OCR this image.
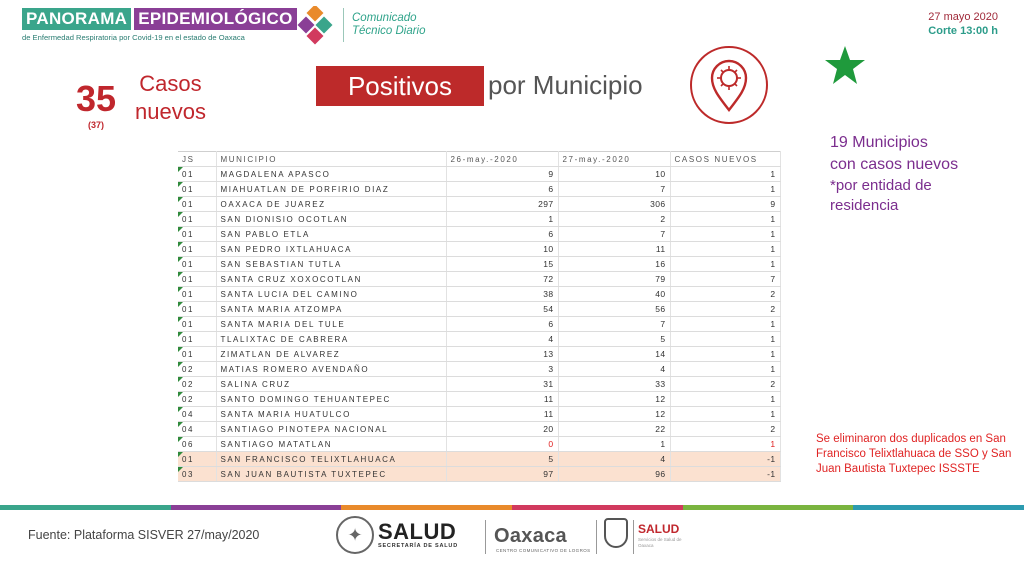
PANORAMA EPIDEMIOLÓGICO
de Enfermedad Respiratoria por Covid-19 en el estado de Oaxaca
Comunicado
Técnico Diario
27 mayo 2020
Corte 13:00 h
35
(37)
Casos
nuevos
Positivos	por Municipio
19 Municipios
con casos nuevos
*por entidad de
residencia
JS	MUNICIPIO	26-may.-2020	27-may.-2020	CASOS NUEVOS
01	MAGDALENA APASCO	9	10	1
01	MIAHUATLAN DE PORFIRIO DIAZ	6	7	1
01	OAXACA DE JUAREZ	297	306	9
01	SAN DIONISIO OCOTLAN	1	2	1
01	SAN PABLO ETLA	6	7	1
01	SAN PEDRO IXTLAHUACA	10	11	1
01	SAN SEBASTIAN TUTLA	15	16	1
01	SANTA CRUZ XOXOCOTLAN	72	79	7
01	SANTA LUCIA DEL CAMINO	38	40	2
01	SANTA MARIA ATZOMPA	54	56	2
01	SANTA MARIA DEL TULE	6	7	1
01	TLALIXTAC DE CABRERA	4	5	1
01	ZIMATLAN DE ALVAREZ	13	14	1
02	MATIAS ROMERO AVENDAÑO	3	4	1
02	SALINA CRUZ	31	33	2
02	SANTO DOMINGO TEHUANTEPEC	11	12	1
04	SANTA MARIA HUATULCO	11	12	1
04	SANTIAGO PINOTEPA NACIONAL	20	22	2
06	SANTIAGO MATATLAN	0	1	1
01	SAN FRANCISCO TELIXTLAHUACA	5	4	-1
03	SAN JUAN BAUTISTA TUXTEPEC	97	96	-1
Se eliminaron dos duplicados en San Francisco Telixtlahuaca de SSO y San Juan Bautista Tuxtepec ISSSTE
Fuente: Plataforma SISVER 27/may/2020	✦ SALUD
SECRETARÍA DE SALUD Oaxaca
CENTRO COMUNICATIVO DE LOGROS
SALUD
Servicios de Salud de Oaxaca
